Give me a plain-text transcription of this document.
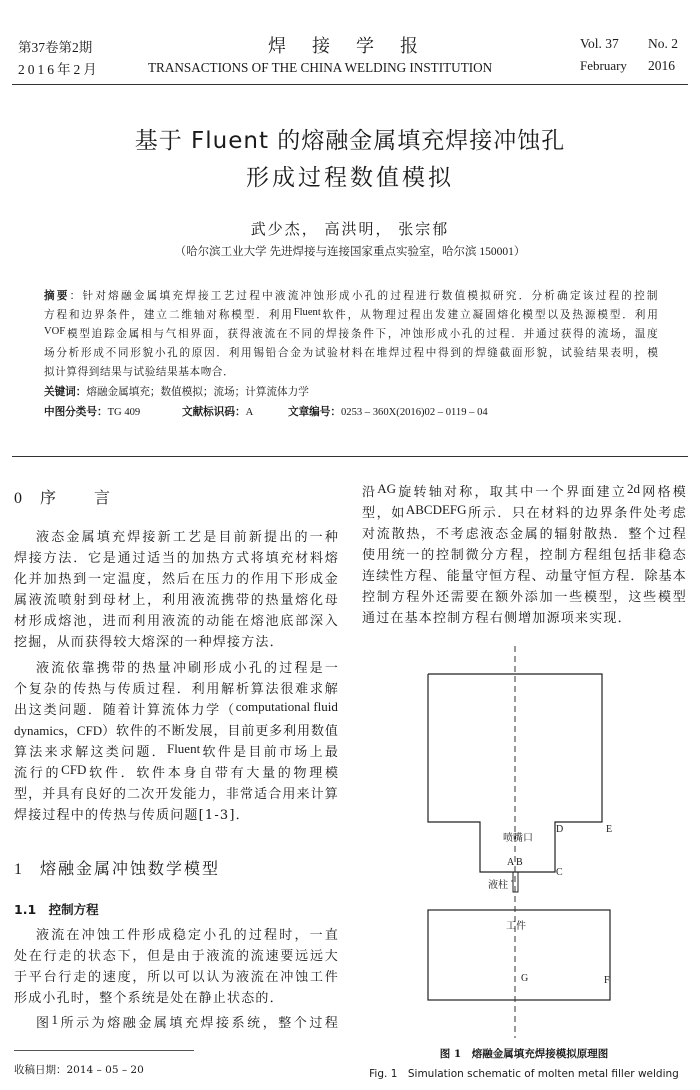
第37卷第2期
2016年2月
焊接学报
TRANSACTIONS OF THE CHINA WELDING INSTITUTION
Vol. 37 No. 2
February 2016
基于 Fluent 的熔融金属填充焊接冲蚀孔
形成过程数值模拟
武少杰， 高洪明， 张宗郁
（哈尔滨工业大学 先进焊接与连接国家重点实验室，哈尔滨 150001）
摘 要 ： 针 对 熔 融 金 属 填 充 焊 接 工 艺 过 程 中 液 流 冲 蚀 形 成 小 孔 的 过 程 进 行 数 值 模 拟 研 究 ． 分 析 确 定 该 过 程 的 控 制
方 程 和 边 界 条 件 ， 建 立 二 维 轴 对 称 模 型 ． 利 用 Fluent 软 件 ， 从 物 理 过 程 出 发 建 立 凝 固 熔 化 模 型 以 及 热 源 模 型 ． 利 用
VOF 模 型 追 踪 金 属 相 与 气 相 界 面 ， 获 得 液 流 在 不 同 的 焊 接 条 件 下 ， 冲 蚀 形 成 小 孔 的 过 程 ． 并 通 过 获 得 的 流 场 ， 温 度
场 分 析 形 成 不 同 形 貌 小 孔 的 原 因 ． 利 用 锡 铅 合 金 为 试 验 材 料 在 堆 焊 过 程 中 得 到 的 焊 缝 截 面 形 貌 ， 试 验 结 果 表 明 ， 模
拟计算得到结果与试验结果基本吻合．
关键词：熔融金属填充；数值模拟；流场；计算流体力学
中图分类号：TG 409	文献标识码：A	文章编号：0253 – 360X(2016)02 – 0119 – 04
0 序　　言
液 态 金 属 填 充 焊 接 新 工 艺 是 目 前 新 提 出 的 一 种
焊 接 方 法 ． 它 是 通 过 适 当 的 加 热 方 式 将 填 充 材 料 熔
化 并 加 热 到 一 定 温 度 ， 然 后 在 压 力 的 作 用 下 形 成 金
属 液 流 喷 射 到 母 材 上 ， 利 用 液 流 携 带 的 热 量 熔 化 母
材 形 成 熔 池 ， 进 而 利 用 液 流 的 动 能 在 熔 池 底 部 深 入
挖掘，从而获得较大熔深的一种焊接方法．
液 流 依 靠 携 带 的 热 量 冲 刷 形 成 小 孔 的 过 程 是 一
个 复 杂 的 传 热 与 传 质 过 程 ． 利 用 解 析 算 法 很 难 求 解
出 这 类 问 题 ． 随 着 计 算 流 体 力 学 （ computational fluid
dynamics，CFD） 软 件 的 不 断 发 展 ， 目 前 更 多 利 用 数 值
算 法 来 求 解 这 类 问 题 ． Fluent 软 件 是 目 前 市 场 上 最
流 行 的 CFD 软 件 ． 软 件 本 身 自 带 有 大 量 的 物 理 模
型 ， 并 具 有 良 好 的 二 次 开 发 能 力 ， 非 常 适 合 用 来 计 算
焊接过程中的传热与传质问题[1-3]．
1 熔融金属冲蚀数学模型
1.1　控制方程
液 流 在 冲 蚀 工 件 形 成 稳 定 小 孔 的 过 程 时 ， 一 直
处 在 行 走 的 状 态 下 ， 但 是 由 于 液 流 的 流 速 要 远 远 大
于 平 台 行 走 的 速 度 ， 所 以 可 以 认 为 液 流 在 冲 蚀 工 件
形成小孔时，整个系统是处在静止状态的．
图 1 所 示 为 熔 融 金 属 填 充 焊 接 系 统 ， 整 个 过 程
收稿日期：2014 – 05 – 20
沿 AG 旋 转 轴 对 称 ， 取 其 中 一 个 界 面 建 立 2d 网 格 模
型 ， 如 ABCDEFG 所 示 ． 只 在 材 料 的 边 界 条 件 处 考 虑
对 流 散 热 ， 不 考 虑 液 态 金 属 的 辐 射 散 热 ． 整 个 过 程
使 用 统 一 的 控 制 微 分 方 程 ， 控 制 方 程 组 包 括 非 稳 态
连 续 性 方 程 、 能 量 守 恒 方 程 、 动 量 守 恒 方 程 ． 除 基 本
控 制 方 程 外 还 需 要 在 额 外 添 加 一 些 模 型 ， 这 些 模 型
通过在基本控制方程右侧增加源项来实现．
喷嘴口
A B
C
D	E
液柱
工件
G	F
图 1　熔融金属填充焊接模拟原理图
Fig. 1　Simulation schematic of molten metal filler welding
